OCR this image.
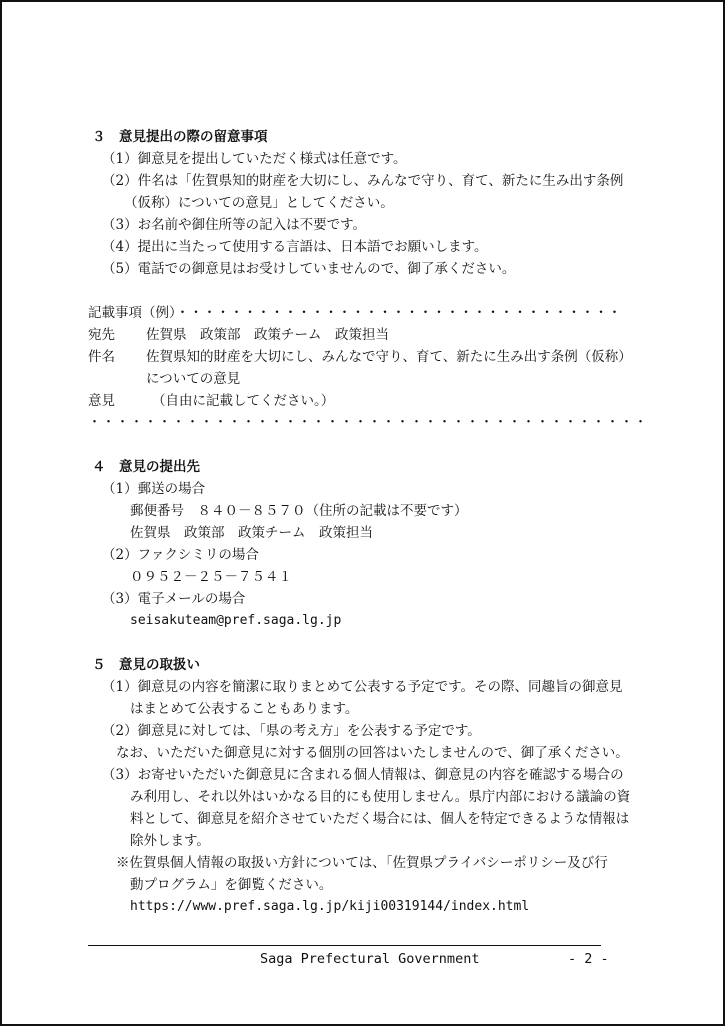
３　意見提出の際の留意事項
（1）御意見を提出していただく様式は任意です。
（2）件名は「佐賀県知的財産を大切にし、みんなで守り、育て、新たに生み出す条例
（仮称）についての意見」としてください。
（3）お名前や御住所等の記入は不要です。
（4）提出に当たって使用する言語は、日本語でお願いします。
（5）電話での御意見はお受けしていませんので、御了承ください。
記載事項（例）・・・・・・・・・・・・・・・・・・・・・・・・・・・・・・・・・
宛先 佐賀県　政策部　政策チーム　政策担当
件名 佐賀県知的財産を大切にし、みんなで守り、育て、新たに生み出す条例（仮称）
についての意見
意見	（自由に記載してください。）
・・・・・・・・・・・・・・・・・・・・・・・・・・・・・・・・・・・・・・・・
４　意見の提出先
（1）郵送の場合
郵便番号　８４０－８５７０（住所の記載は不要です）
佐賀県　政策部　政策チーム　政策担当
（2）ファクシミリの場合
０９５２－２５－７５４１
（3）電子メールの場合
seisakuteam@pref.saga.lg.jp
５　意見の取扱い
（1）御意見の内容を簡潔に取りまとめて公表する予定です。その際、同趣旨の御意見
はまとめて公表することもあります。
（2）御意見に対しては、「県の考え方」を公表する予定です。
なお、いただいた御意見に対する個別の回答はいたしませんので、御了承ください。
（3）お寄せいただいた御意見に含まれる個人情報は、御意見の内容を確認する場合の
み利用し、それ以外はいかなる目的にも使用しません。県庁内部における議論の資
料として、御意見を紹介させていただく場合には、個人を特定できるような情報は
除外します。
※佐賀県個人情報の取扱い方針については、「佐賀県プライバシーポリシー及び行
動プログラム」を御覧ください。
https://www.pref.saga.lg.jp/kiji00319144/index.html
Saga Prefectural Government	- 2 -
